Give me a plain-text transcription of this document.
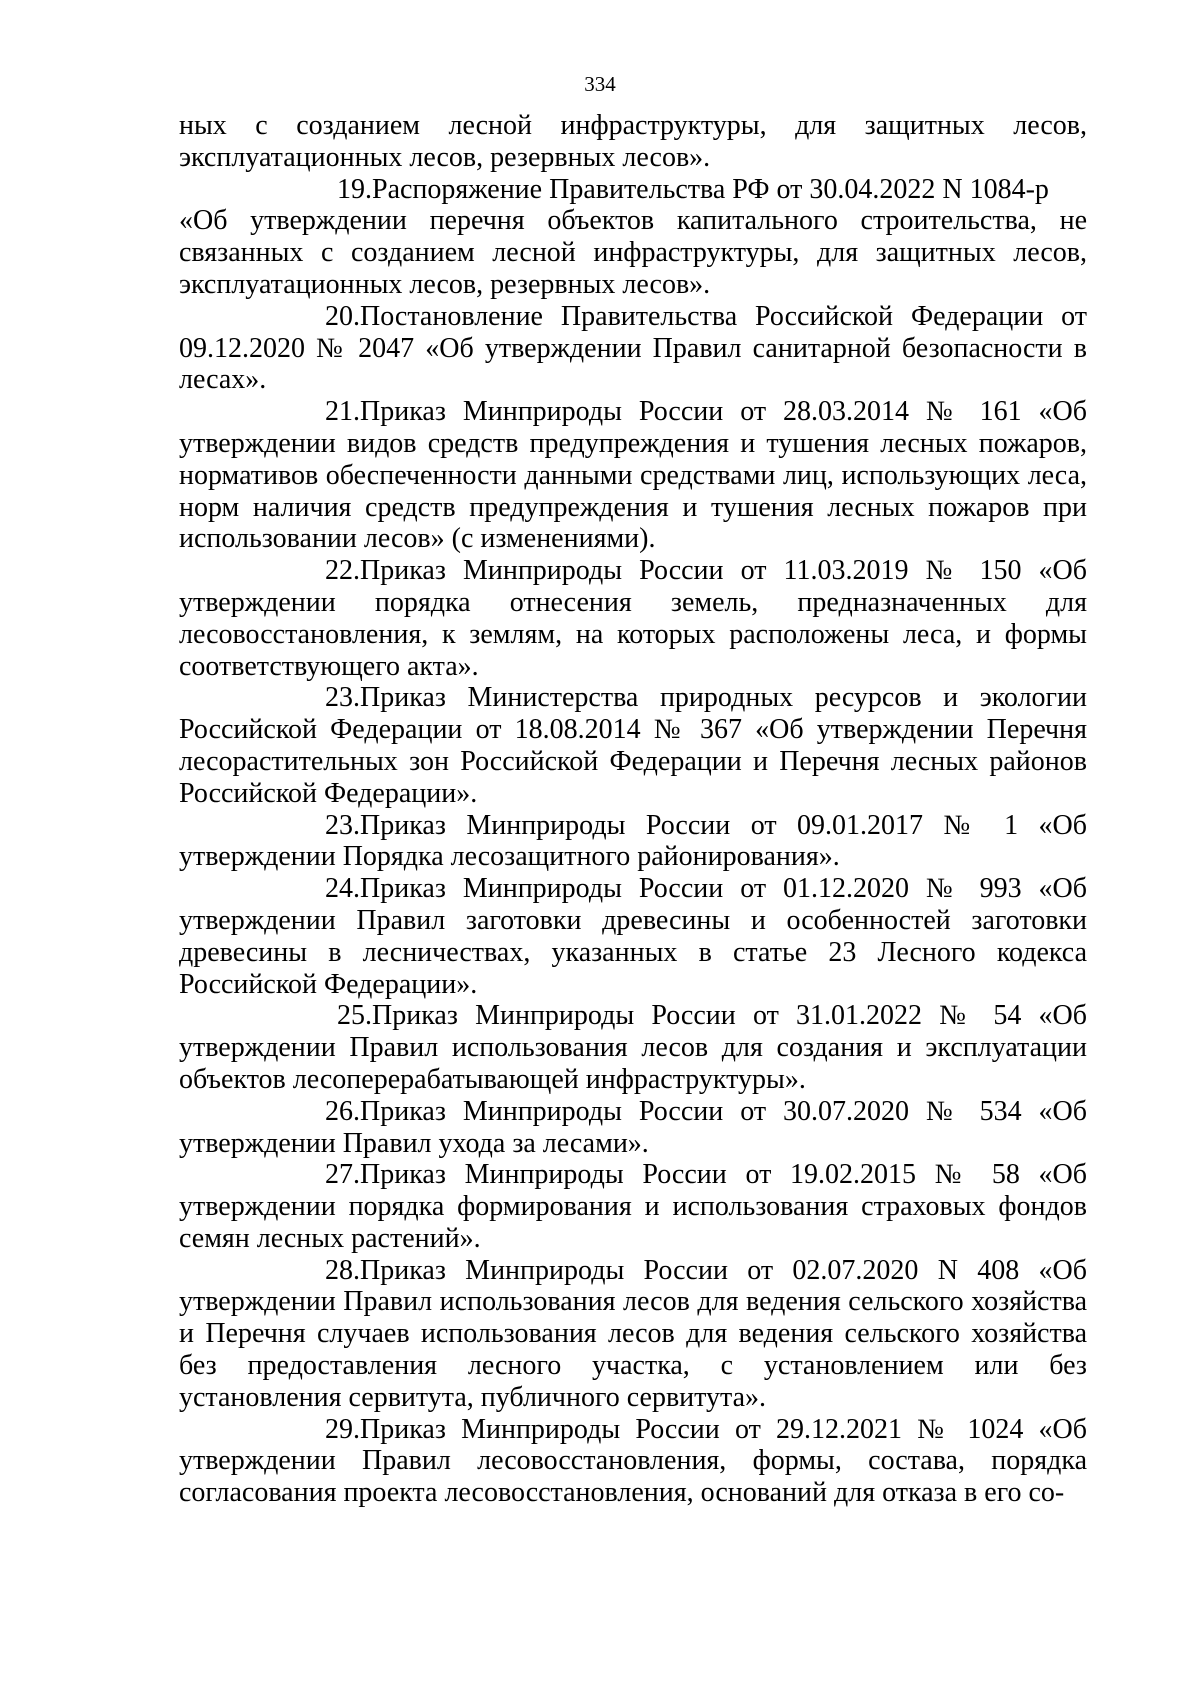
334

ных с созданием лесной инфраструктуры, для защитных лесов, эксплуатационных лесов, резервных лесов».

19.Распоряжение Правительства РФ от 30.04.2022 N 1084-р
«Об утверждении перечня объектов капитального строительства, не связанных с созданием лесной инфраструктуры, для защитных лесов, эксплуатационных лесов, резервных лесов».

20.Постановление Правительства Российской Федерации от 09.12.2020 № 2047 «Об утверждении Правил санитарной безопасности в лесах».

21.Приказ Минприроды России от 28.03.2014 № 161 «Об утверждении видов средств предупреждения и тушения лесных пожаров, нормативов обеспеченности данными средствами лиц, использующих леса, норм наличия средств предупреждения и тушения лесных пожаров при использовании лесов» (с изменениями).

22.Приказ Минприроды России от 11.03.2019 № 150 «Об утверждении порядка отнесения земель, предназначенных для лесовосстановления, к землям, на которых расположены леса, и формы соответствующего акта».

23.Приказ Министерства природных ресурсов и экологии Российской Федерации от 18.08.2014 № 367 «Об утверждении Перечня лесорастительных зон Российской Федерации и Перечня лесных районов Российской Федерации».

23.Приказ Минприроды России от 09.01.2017 № 1 «Об утверждении Порядка лесозащитного районирования».

24.Приказ Минприроды России от 01.12.2020 № 993 «Об утверждении Правил заготовки древесины и особенностей заготовки древесины в лесничествах, указанных в статье 23 Лесного кодекса Российской Федерации».

25.Приказ Минприроды России от 31.01.2022 № 54 «Об утверждении Правил использования лесов для создания и эксплуатации объектов лесоперерабатывающей инфраструктуры».

26.Приказ Минприроды России от 30.07.2020 № 534 «Об утверждении Правил ухода за лесами».

27.Приказ Минприроды России от 19.02.2015 № 58 «Об утверждении порядка формирования и использования страховых фондов семян лесных растений».

28.Приказ Минприроды России от 02.07.2020 N 408 «Об утверждении Правил использования лесов для ведения сельского хозяйства и Перечня случаев использования лесов для ведения сельского хозяйства без предоставления лесного участка, с установлением или без установления сервитута, публичного сервитута».

29.Приказ Минприроды России от 29.12.2021 № 1024 «Об утверждении Правил лесовосстановления, формы, состава, порядка согласования проекта лесовосстановления, оснований для отказа в его со-
